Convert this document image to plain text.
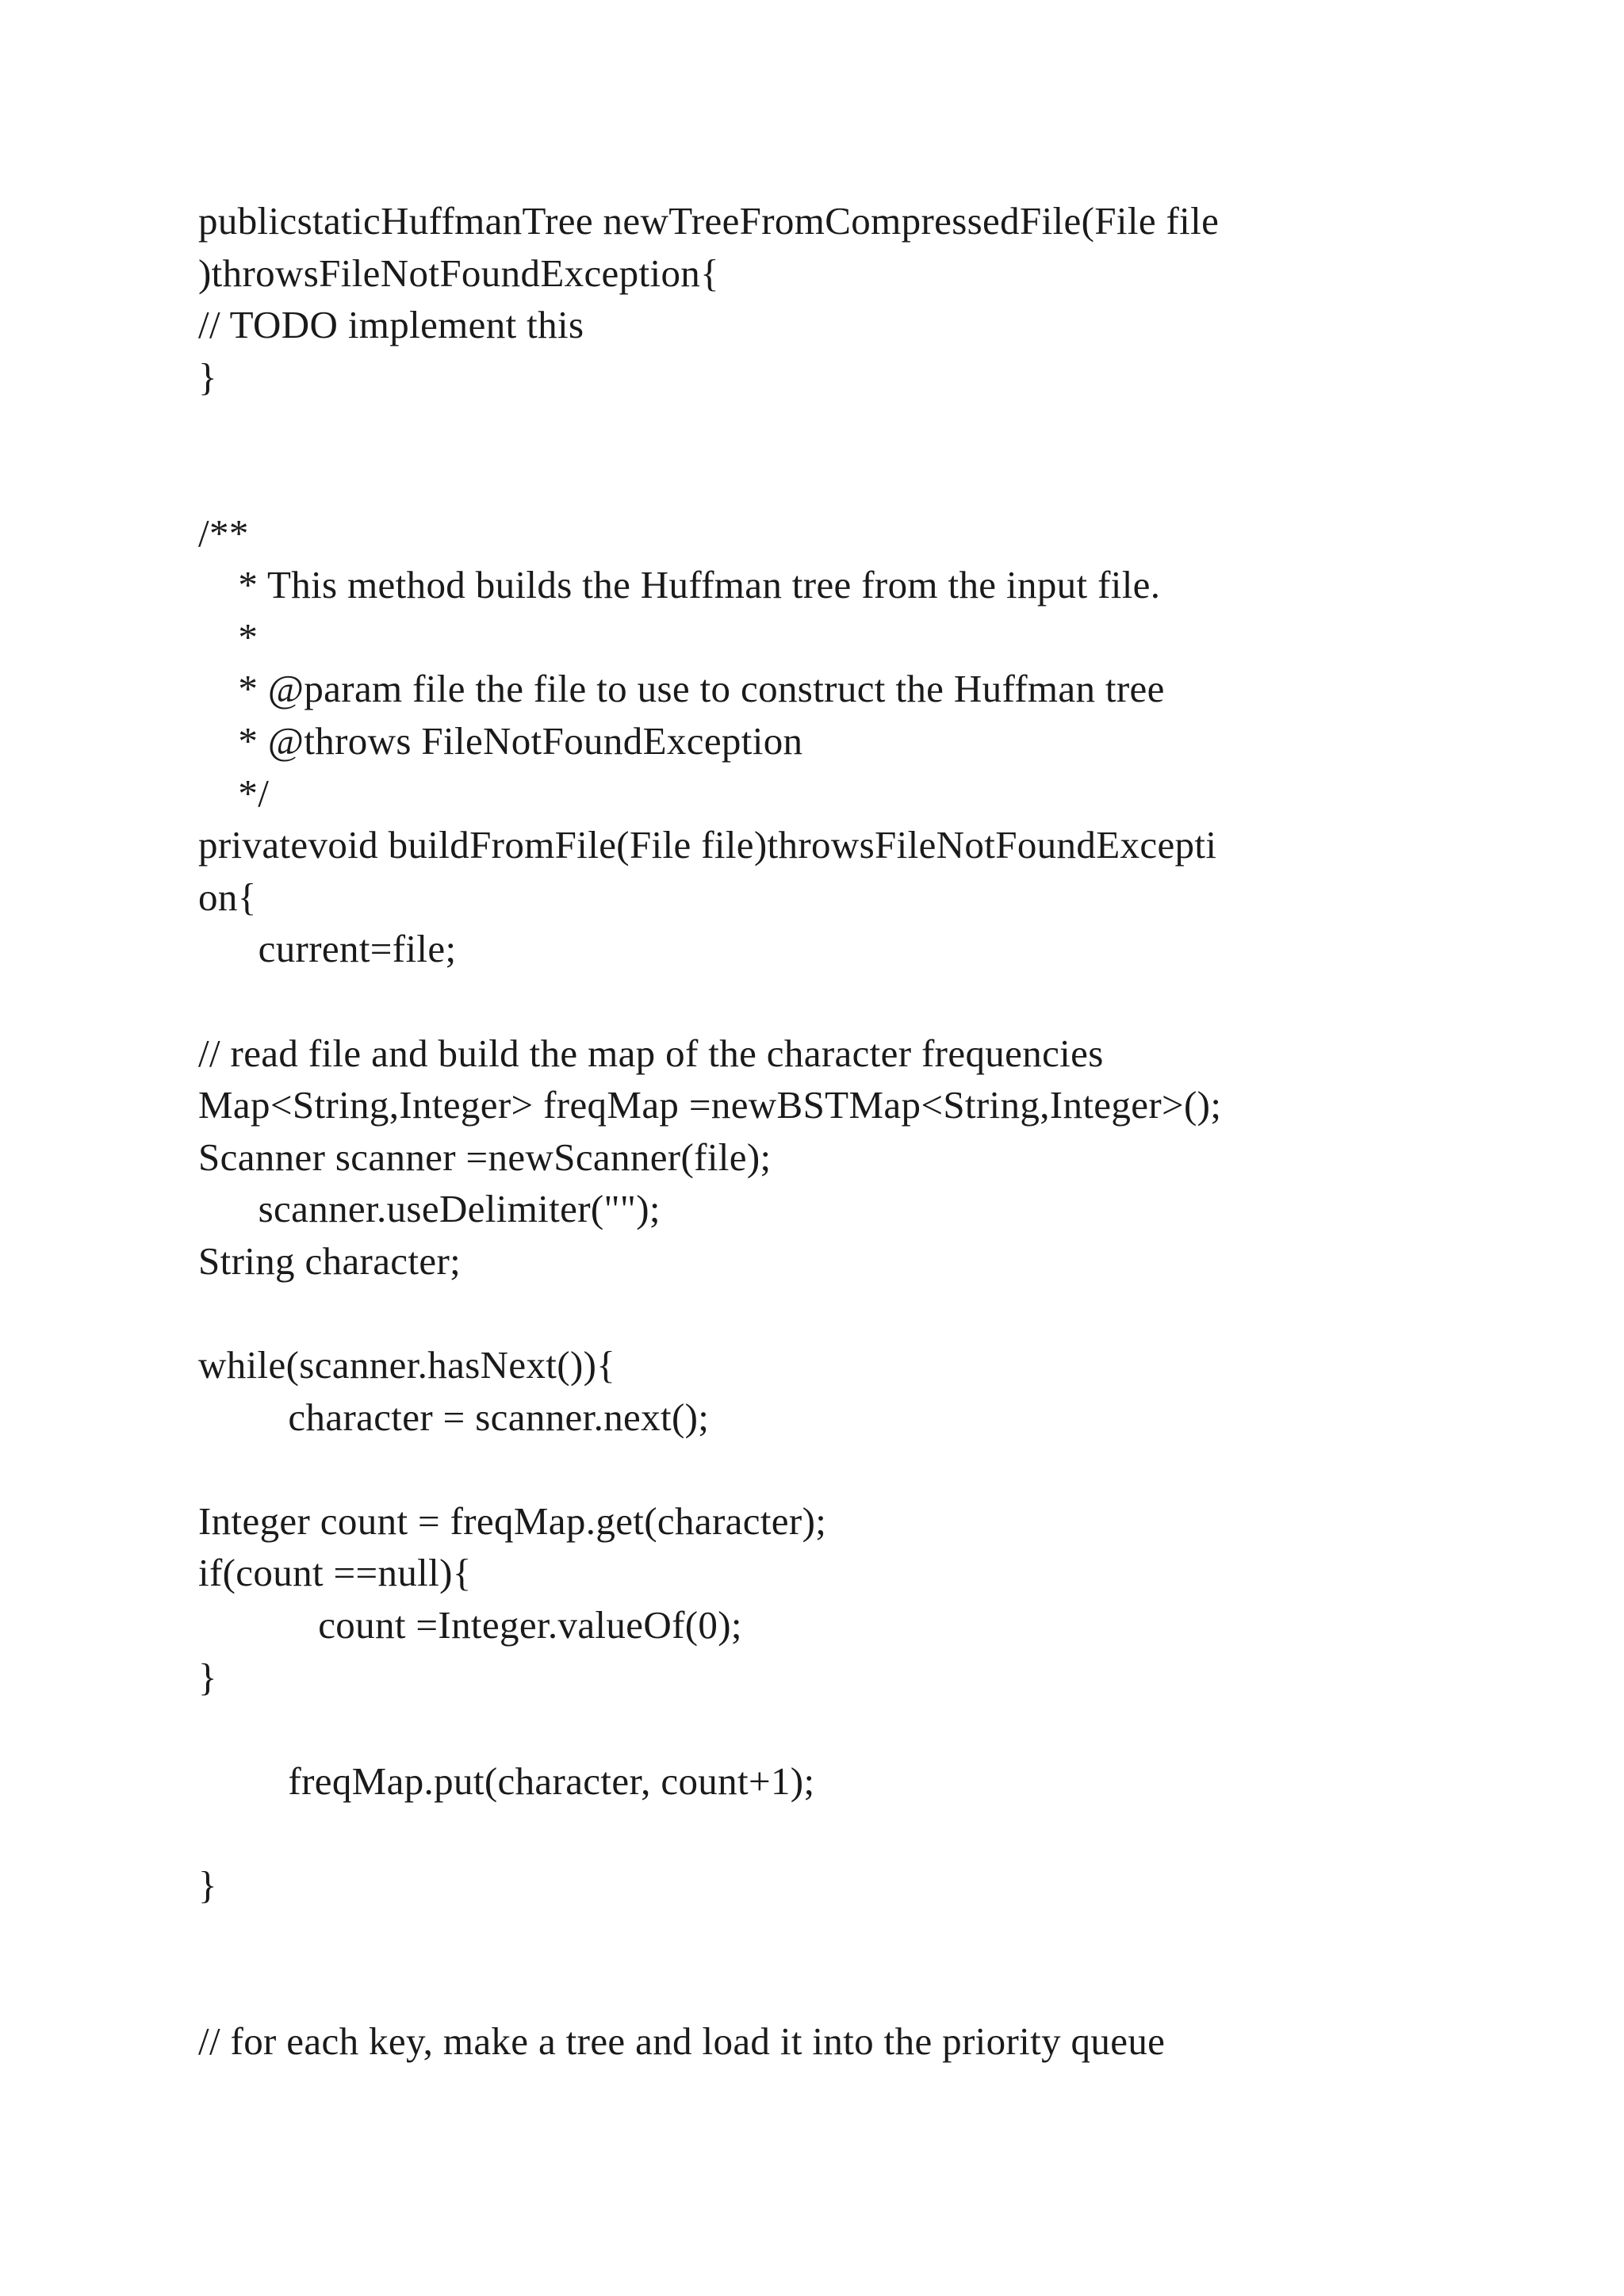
publicstaticHuffmanTree newTreeFromCompressedFile(File file
)throwsFileNotFoundException{
// TODO implement this
}
/**
* This method builds the Huffman tree from the input file.
*
* @param file the file to use to construct the Huffman tree
* @throws FileNotFoundException
*/
privatevoid buildFromFile(File file)throwsFileNotFoundExcepti
on{
current=file;
// read file and build the map of the character frequencies
Map<String,Integer> freqMap =newBSTMap<String,Integer>();
Scanner scanner =newScanner(file);
scanner.useDelimiter("");
String character;
while(scanner.hasNext()){
character = scanner.next();
Integer count = freqMap.get(character);
if(count ==null){
count =Integer.valueOf(0);
}
freqMap.put(character, count+1);
}
// for each key, make a tree and load it into the priority queue
